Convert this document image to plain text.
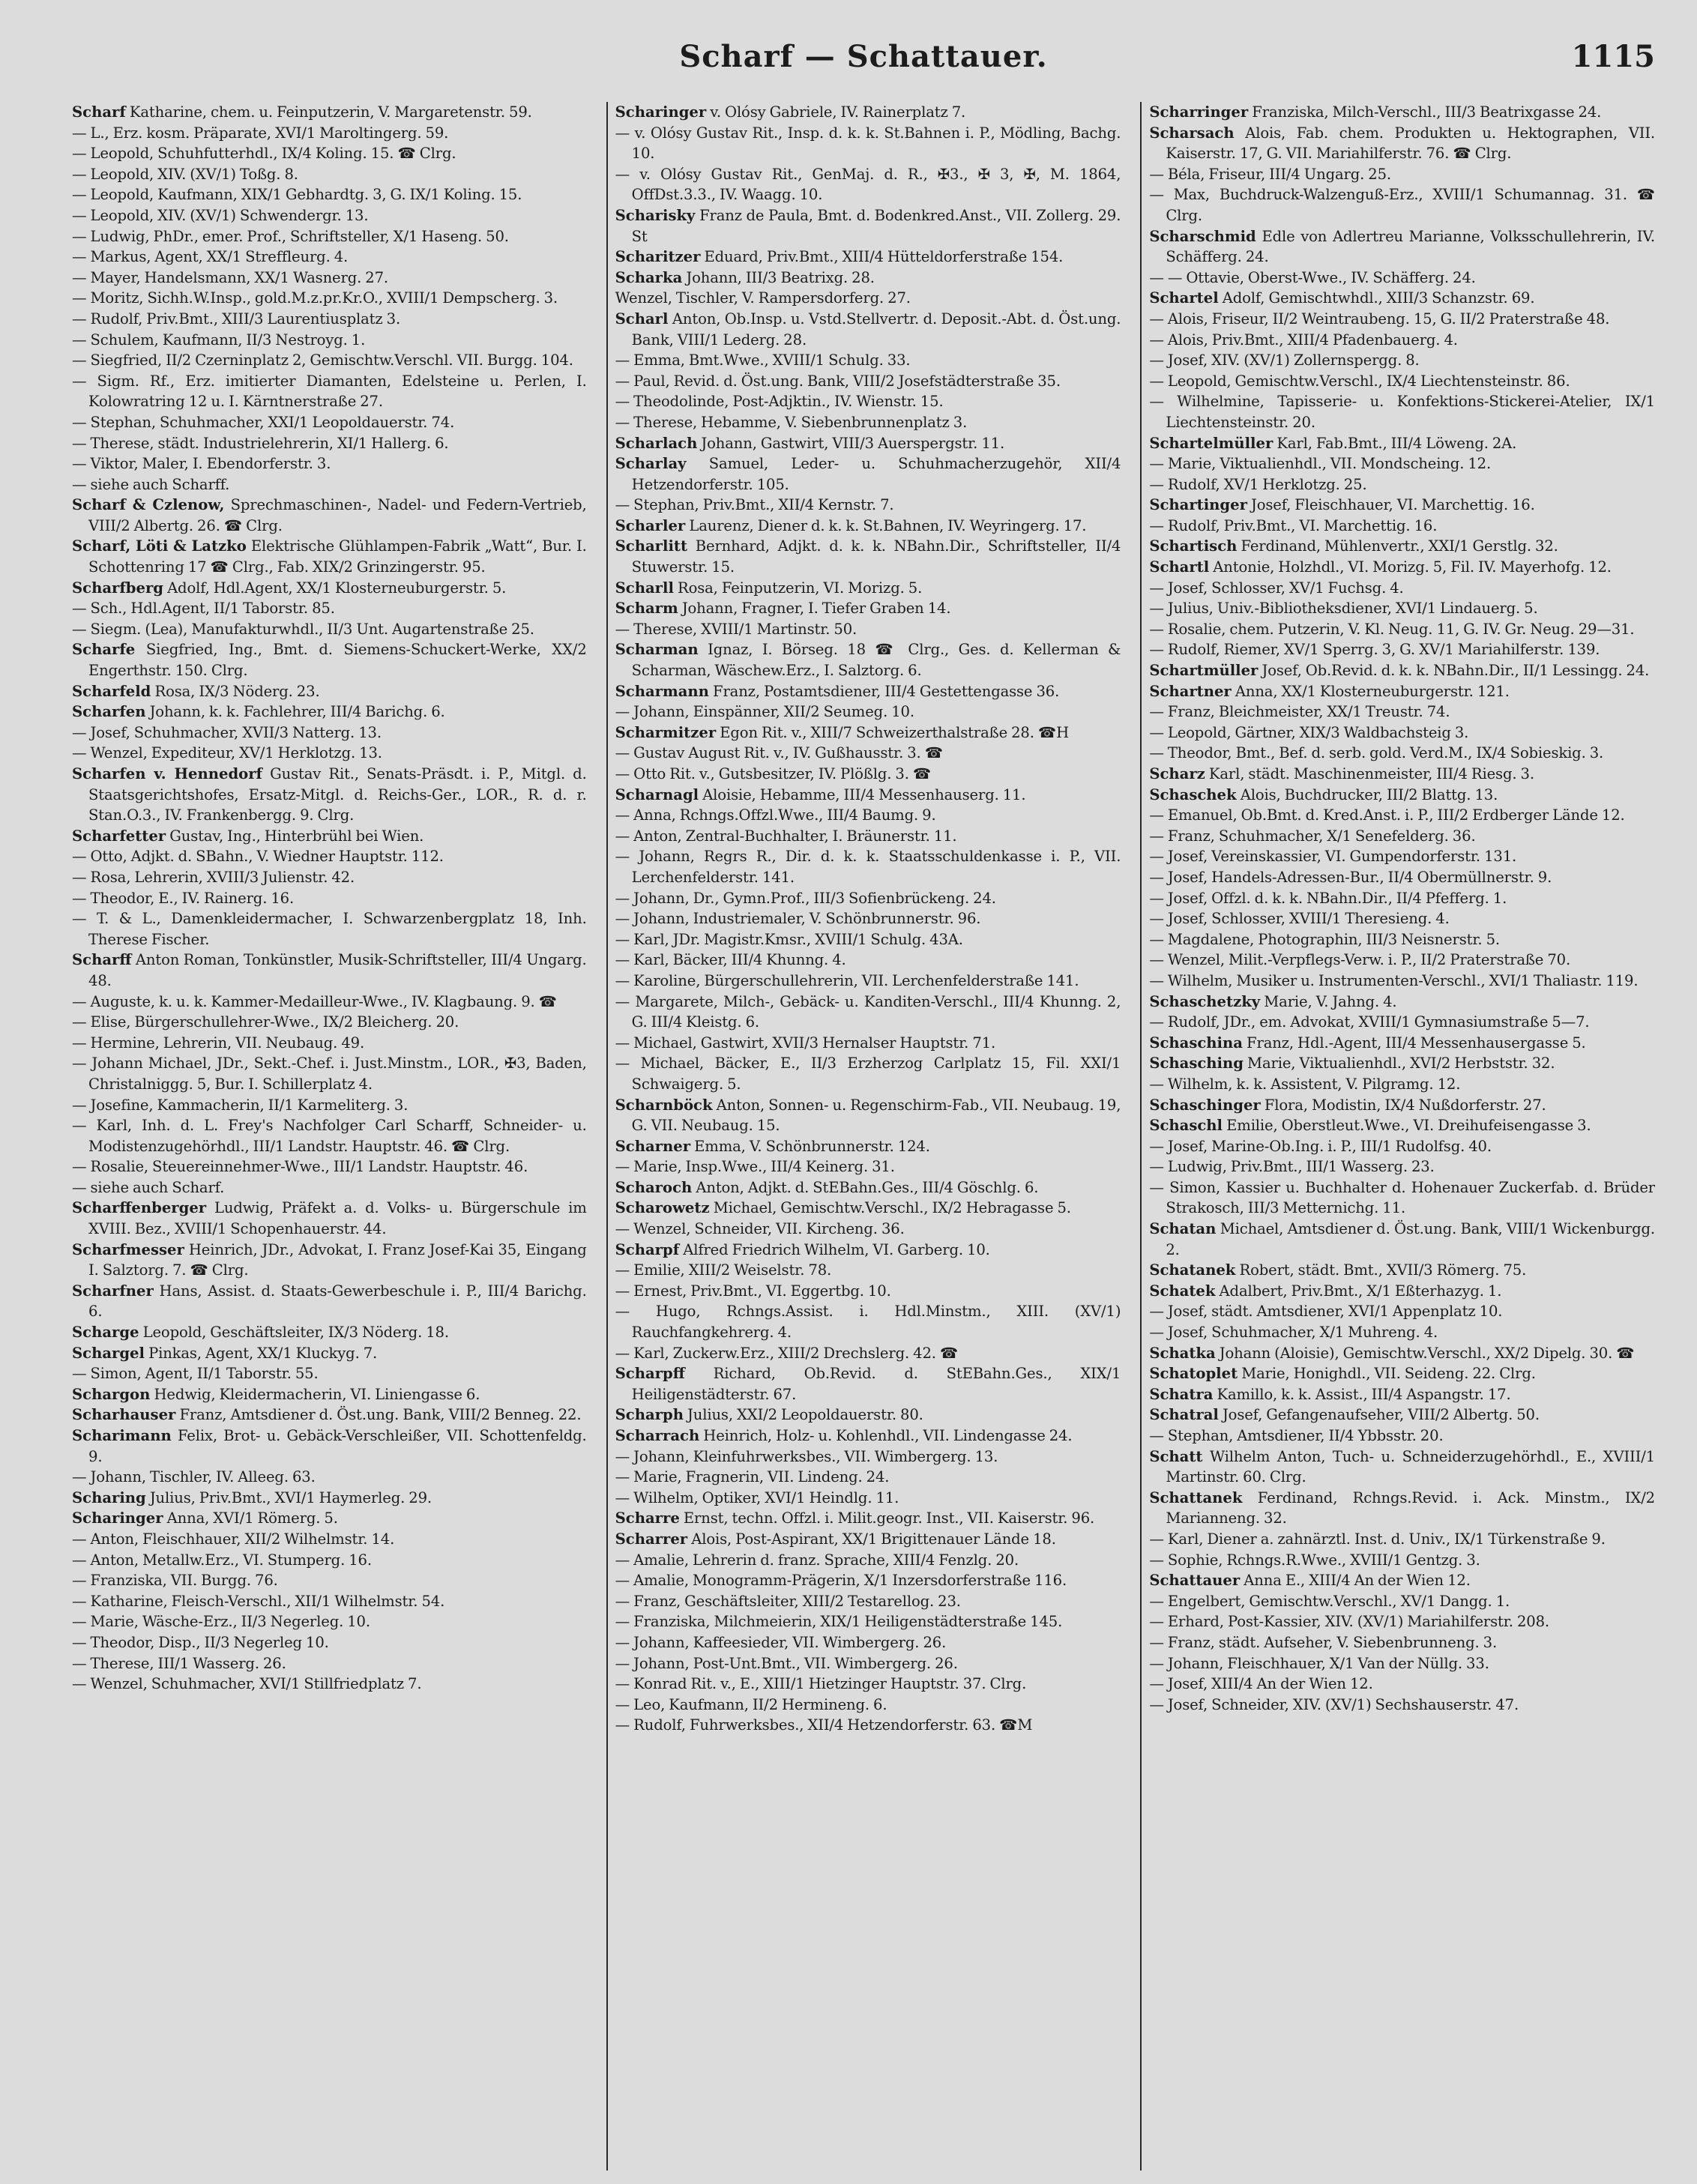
Scharf — Schattauer.	1115

Scharf Katharine, chem. u. Feinputzerin, V. Margaretenstr. 59.

— L., Erz. kosm. Präparate, XVI/1 Maroltingerg. 59.

— Leopold, Schuhfutterhdl., IX/4 Koling. 15. ☎ Clrg.

— Leopold, XIV. (XV/1) Toßg. 8.

— Leopold, Kaufmann, XIX/1 Gebhardtg. 3, G. IX/1 Koling. 15.

— Leopold, XIV. (XV/1) Schwendergr. 13.

— Ludwig, PhDr., emer. Prof., Schriftsteller, X/1 Haseng. 50.

— Markus, Agent, XX/1 Streffleurg. 4.

— Mayer, Handelsmann, XX/1 Wasnerg. 27.

— Moritz, Sichh.W.Insp., gold.M.z.pr.Kr.O., XVIII/1 Dempscherg. 3.

— Rudolf, Priv.Bmt., XIII/3 Laurentiusplatz 3.

— Schulem, Kaufmann, II/3 Nestroyg. 1.

— Siegfried, II/2 Czerninplatz 2, Gemischtw.Verschl. VII. Burgg. 104.

— Sigm. Rf., Erz. imitierter Diamanten, Edelsteine u. Perlen, I. Kolowratring 12 u. I. Kärntnerstraße 27.

— Stephan, Schuhmacher, XXI/1 Leopoldauerstr. 74.

— Therese, städt. Industrielehrerin, XI/1 Hallerg. 6.

— Viktor, Maler, I. Ebendorferstr. 3.

— siehe auch Scharff.

Scharf & Czlenow, Sprechmaschinen-, Nadel- und Federn-Vertrieb, VIII/2 Albertg. 26. ☎ Clrg.

Scharf, Löti & Latzko Elektrische Glühlampen-Fabrik „Watt“, Bur. I. Schottenring 17 ☎ Clrg., Fab. XIX/2 Grinzingerstr. 95.

Scharfberg Adolf, Hdl.Agent, XX/1 Klosterneuburgerstr. 5.

— Sch., Hdl.Agent, II/1 Taborstr. 85.

— Siegm. (Lea), Manufakturwhdl., II/3 Unt. Augartenstraße 25.

Scharfe Siegfried, Ing., Bmt. d. Siemens-Schuckert-Werke, XX/2 Engerthstr. 150. Clrg.

Scharfeld Rosa, IX/3 Nöderg. 23.

Scharfen Johann, k. k. Fachlehrer, III/4 Barichg. 6.

— Josef, Schuhmacher, XVII/3 Natterg. 13.

— Wenzel, Expediteur, XV/1 Herklotzg. 13.

Scharfen v. Hennedorf Gustav Rit., Senats-Präsdt. i. P., Mitgl. d. Staatsgerichtshofes, Ersatz-Mitgl. d. Reichs-Ger., LOR., R. d. r. Stan.O.3., IV. Frankenbergg. 9. Clrg.

Scharfetter Gustav, Ing., Hinterbrühl bei Wien.

— Otto, Adjkt. d. SBahn., V. Wiedner Hauptstr. 112.

— Rosa, Lehrerin, XVIII/3 Julienstr. 42.

— Theodor, E., IV. Rainerg. 16.

— T. & L., Damenkleidermacher, I. Schwarzenbergplatz 18, Inh. Therese Fischer.

Scharff Anton Roman, Tonkünstler, Musik-Schriftsteller, III/4 Ungarg. 48.

— Auguste, k. u. k. Kammer-Medailleur-Wwe., IV. Klagbaung. 9. ☎

— Elise, Bürgerschullehrer-Wwe., IX/2 Bleicherg. 20.

— Hermine, Lehrerin, VII. Neubaug. 49.

— Johann Michael, JDr., Sekt.-Chef. i. Just.Minstm., LOR., ✠3, Baden, Christalniggg. 5, Bur. I. Schillerplatz 4.

— Josefine, Kammacherin, II/1 Karmeliterg. 3.

— Karl, Inh. d. L. Frey's Nachfolger Carl Scharff, Schneider- u. Modistenzugehörhdl., III/1 Landstr. Hauptstr. 46. ☎ Clrg.

— Rosalie, Steuereinnehmer-Wwe., III/1 Landstr. Hauptstr. 46.

— siehe auch Scharf.

Scharffenberger Ludwig, Präfekt a. d. Volks- u. Bürgerschule im XVIII. Bez., XVIII/1 Schopenhauerstr. 44.

Scharfmesser Heinrich, JDr., Advokat, I. Franz Josef-Kai 35, Eingang I. Salztorg. 7. ☎ Clrg.

Scharfner Hans, Assist. d. Staats-Gewerbeschule i. P., III/4 Barichg. 6.

Scharge Leopold, Geschäftsleiter, IX/3 Nöderg. 18.

Schargel Pinkas, Agent, XX/1 Kluckyg. 7.

— Simon, Agent, II/1 Taborstr. 55.

Schargon Hedwig, Kleidermacherin, VI. Liniengasse 6.

Scharhauser Franz, Amtsdiener d. Öst.ung. Bank, VIII/2 Benneg. 22.

Scharimann Felix, Brot- u. Gebäck-Verschleißer, VII. Schottenfeldg. 9.

— Johann, Tischler, IV. Alleeg. 63.

Scharing Julius, Priv.Bmt., XVI/1 Haymerleg. 29.

Scharinger Anna, XVI/1 Römerg. 5.

— Anton, Fleischhauer, XII/2 Wilhelmstr. 14.

— Anton, Metallw.Erz., VI. Stumperg. 16.

— Franziska, VII. Burgg. 76.

— Katharine, Fleisch-Verschl., XII/1 Wilhelmstr. 54.

— Marie, Wäsche-Erz., II/3 Negerleg. 10.

— Theodor, Disp., II/3 Negerleg 10.

— Therese, III/1 Wasserg. 26.

— Wenzel, Schuhmacher, XVI/1 Stillfriedplatz 7.

Scharinger v. Olósy Gabriele, IV. Rainerplatz 7.

— v. Olósy Gustav Rit., Insp. d. k. k. St.Bahnen i. P., Mödling, Bachg. 10.

— v. Olósy Gustav Rit., GenMaj. d. R., ✠3., ✠ 3, ✠, M. 1864, OffDst.3.3., IV. Waagg. 10.

Scharisky Franz de Paula, Bmt. d. Bodenkred.Anst., VII. Zollerg. 29. St

Scharitzer Eduard, Priv.Bmt., XIII/4 Hütteldorferstraße 154.

Scharka Johann, III/3 Beatrixg. 28.

Wenzel, Tischler, V. Rampersdorferg. 27.

Scharl Anton, Ob.Insp. u. Vstd.Stellvertr. d. Deposit.-Abt. d. Öst.ung. Bank, VIII/1 Lederg. 28.

— Emma, Bmt.Wwe., XVIII/1 Schulg. 33.

— Paul, Revid. d. Öst.ung. Bank, VIII/2 Josefstädterstraße 35.

— Theodolinde, Post-Adjktin., IV. Wienstr. 15.

— Therese, Hebamme, V. Siebenbrunnenplatz 3.

Scharlach Johann, Gastwirt, VIII/3 Auerspergstr. 11.

Scharlay Samuel, Leder- u. Schuhmacherzugehör, XII/4 Hetzendorferstr. 105.

— Stephan, Priv.Bmt., XII/4 Kernstr. 7.

Scharler Laurenz, Diener d. k. k. St.Bahnen, IV. Weyringerg. 17.

Scharlitt Bernhard, Adjkt. d. k. k. NBahn.Dir., Schriftsteller, II/4 Stuwerstr. 15.

Scharll Rosa, Feinputzerin, VI. Morizg. 5.

Scharm Johann, Fragner, I. Tiefer Graben 14.

— Therese, XVIII/1 Martinstr. 50.

Scharman Ignaz, I. Börseg. 18 ☎ Clrg., Ges. d. Kellerman & Scharman, Wäschew.Erz., I. Salztorg. 6.

Scharmann Franz, Postamtsdiener, III/4 Gestettengasse 36.

— Johann, Einspänner, XII/2 Seumeg. 10.

Scharmitzer Egon Rit. v., XIII/7 Schweizerthalstraße 28. ☎H

— Gustav August Rit. v., IV. Gußhausstr. 3. ☎

— Otto Rit. v., Gutsbesitzer, IV. Plößlg. 3. ☎

Scharnagl Aloisie, Hebamme, III/4 Messenhauserg. 11.

— Anna, Rchngs.Offzl.Wwe., III/4 Baumg. 9.

— Anton, Zentral-Buchhalter, I. Bräunerstr. 11.

— Johann, Regrs R., Dir. d. k. k. Staatsschuldenkasse i. P., VII. Lerchenfelderstr. 141.

— Johann, Dr., Gymn.Prof., III/3 Sofienbrückeng. 24.

— Johann, Industriemaler, V. Schönbrunnerstr. 96.

— Karl, JDr. Magistr.Kmsr., XVIII/1 Schulg. 43A.

— Karl, Bäcker, III/4 Khunng. 4.

— Karoline, Bürgerschullehrerin, VII. Lerchenfelderstraße 141.

— Margarete, Milch-, Gebäck- u. Kanditen-Verschl., III/4 Khunng. 2, G. III/4 Kleistg. 6.

— Michael, Gastwirt, XVII/3 Hernalser Hauptstr. 71.

— Michael, Bäcker, E., II/3 Erzherzog Carlplatz 15, Fil. XXI/1 Schwaigerg. 5.

Scharnböck Anton, Sonnen- u. Regenschirm-Fab., VII. Neubaug. 19, G. VII. Neubaug. 15.

Scharner Emma, V. Schönbrunnerstr. 124.

— Marie, Insp.Wwe., III/4 Keinerg. 31.

Scharoch Anton, Adjkt. d. StEBahn.Ges., III/4 Göschlg. 6.

Scharowetz Michael, Gemischtw.Verschl., IX/2 Hebragasse 5.

— Wenzel, Schneider, VII. Kircheng. 36.

Scharpf Alfred Friedrich Wilhelm, VI. Garberg. 10.

— Emilie, XIII/2 Weiselstr. 78.

— Ernest, Priv.Bmt., VI. Eggertbg. 10.

— Hugo, Rchngs.Assist. i. Hdl.Minstm., XIII. (XV/1) Rauchfangkehrerg. 4.

— Karl, Zuckerw.Erz., XIII/2 Drechslerg. 42. ☎

Scharpff Richard, Ob.Revid. d. StEBahn.Ges., XIX/1 Heiligenstädterstr. 67.

Scharph Julius, XXI/2 Leopoldauerstr. 80.

Scharrach Heinrich, Holz- u. Kohlenhdl., VII. Lindengasse 24.

— Johann, Kleinfuhrwerksbes., VII. Wimbergerg. 13.

— Marie, Fragnerin, VII. Lindeng. 24.

— Wilhelm, Optiker, XVI/1 Heindlg. 11.

Scharre Ernst, techn. Offzl. i. Milit.geogr. Inst., VII. Kaiserstr. 96.

Scharrer Alois, Post-Aspirant, XX/1 Brigittenauer Lände 18.

— Amalie, Lehrerin d. franz. Sprache, XIII/4 Fenzlg. 20.

— Amalie, Monogramm-Prägerin, X/1 Inzersdorferstraße 116.

— Franz, Geschäftsleiter, XIII/2 Testarellog. 23.

— Franziska, Milchmeierin, XIX/1 Heiligenstädterstraße 145.

— Johann, Kaffeesieder, VII. Wimbergerg. 26.

— Johann, Post-Unt.Bmt., VII. Wimbergerg. 26.

— Konrad Rit. v., E., XIII/1 Hietzinger Hauptstr. 37. Clrg.

— Leo, Kaufmann, II/2 Hermineng. 6.

— Rudolf, Fuhrwerksbes., XII/4 Hetzendorferstr. 63. ☎M

Scharringer Franziska, Milch-Verschl., III/3 Beatrixgasse 24.

Scharsach Alois, Fab. chem. Produkten u. Hektographen, VII. Kaiserstr. 17, G. VII. Mariahilferstr. 76. ☎ Clrg.

— Béla, Friseur, III/4 Ungarg. 25.

— Max, Buchdruck-Walzenguß-Erz., XVIII/1 Schumannag. 31. ☎ Clrg.

Scharschmid Edle von Adlertreu Marianne, Volksschullehrerin, IV. Schäfferg. 24.

— — Ottavie, Oberst-Wwe., IV. Schäfferg. 24.

Schartel Adolf, Gemischtwhdl., XIII/3 Schanzstr. 69.

— Alois, Friseur, II/2 Weintraubeng. 15, G. II/2 Praterstraße 48.

— Alois, Priv.Bmt., XIII/4 Pfadenbauerg. 4.

— Josef, XIV. (XV/1) Zollernspergg. 8.

— Leopold, Gemischtw.Verschl., IX/4 Liechtensteinstr. 86.

— Wilhelmine, Tapisserie- u. Konfektions-Stickerei-Atelier, IX/1 Liechtensteinstr. 20.

Schartelmüller Karl, Fab.Bmt., III/4 Löweng. 2A.

— Marie, Viktualienhdl., VII. Mondscheing. 12.

— Rudolf, XV/1 Herklotzg. 25.

Schartinger Josef, Fleischhauer, VI. Marchettig. 16.

— Rudolf, Priv.Bmt., VI. Marchettig. 16.

Schartisch Ferdinand, Mühlenvertr., XXI/1 Gerstlg. 32.

Schartl Antonie, Holzhdl., VI. Morizg. 5, Fil. IV. Mayerhofg. 12.

— Josef, Schlosser, XV/1 Fuchsg. 4.

— Julius, Univ.-Bibliotheksdiener, XVI/1 Lindauerg. 5.

— Rosalie, chem. Putzerin, V. Kl. Neug. 11, G. IV. Gr. Neug. 29—31.

— Rudolf, Riemer, XV/1 Sperrg. 3, G. XV/1 Mariahilferstr. 139.

Schartmüller Josef, Ob.Revid. d. k. k. NBahn.Dir., II/1 Lessingg. 24.

Schartner Anna, XX/1 Klosterneuburgerstr. 121.

— Franz, Bleichmeister, XX/1 Treustr. 74.

— Leopold, Gärtner, XIX/3 Waldbachsteig 3.

— Theodor, Bmt., Bef. d. serb. gold. Verd.M., IX/4 Sobieskig. 3.

Scharz Karl, städt. Maschinenmeister, III/4 Riesg. 3.

Schaschek Alois, Buchdrucker, III/2 Blattg. 13.

— Emanuel, Ob.Bmt. d. Kred.Anst. i. P., III/2 Erdberger Lände 12.

— Franz, Schuhmacher, X/1 Senefelderg. 36.

— Josef, Vereinskassier, VI. Gumpendorferstr. 131.

— Josef, Handels-Adressen-Bur., II/4 Obermüllnerstr. 9.

— Josef, Offzl. d. k. k. NBahn.Dir., II/4 Pfefferg. 1.

— Josef, Schlosser, XVIII/1 Theresieng. 4.

— Magdalene, Photographin, III/3 Neisnerstr. 5.

— Wenzel, Milit.-Verpflegs-Verw. i. P., II/2 Praterstraße 70.

— Wilhelm, Musiker u. Instrumenten-Verschl., XVI/1 Thaliastr. 119.

Schaschetzky Marie, V. Jahng. 4.

— Rudolf, JDr., em. Advokat, XVIII/1 Gymnasiumstraße 5—7.

Schaschina Franz, Hdl.-Agent, III/4 Messenhausergasse 5.

Schasching Marie, Viktualienhdl., XVI/2 Herbststr. 32.

— Wilhelm, k. k. Assistent, V. Pilgramg. 12.

Schaschinger Flora, Modistin, IX/4 Nußdorferstr. 27.

Schaschl Emilie, Oberstleut.Wwe., VI. Dreihufeisengasse 3.

— Josef, Marine-Ob.Ing. i. P., III/1 Rudolfsg. 40.

— Ludwig, Priv.Bmt., III/1 Wasserg. 23.

— Simon, Kassier u. Buchhalter d. Hohenauer Zuckerfab. d. Brüder Strakosch, III/3 Metternichg. 11.

Schatan Michael, Amtsdiener d. Öst.ung. Bank, VIII/1 Wickenburgg. 2.

Schatanek Robert, städt. Bmt., XVII/3 Römerg. 75.

Schatek Adalbert, Priv.Bmt., X/1 Eßterhazyg. 1.

— Josef, städt. Amtsdiener, XVI/1 Appenplatz 10.

— Josef, Schuhmacher, X/1 Muhreng. 4.

Schatka Johann (Aloisie), Gemischtw.Verschl., XX/2 Dipelg. 30. ☎

Schatoplet Marie, Honighdl., VII. Seideng. 22. Clrg.

Schatra Kamillo, k. k. Assist., III/4 Aspangstr. 17.

Schatral Josef, Gefangenaufseher, VIII/2 Albertg. 50.

— Stephan, Amtsdiener, II/4 Ybbsstr. 20.

Schatt Wilhelm Anton, Tuch- u. Schneiderzugehörhdl., E., XVIII/1 Martinstr. 60. Clrg.

Schattanek Ferdinand, Rchngs.Revid. i. Ack. Minstm., IX/2 Marianneng. 32.

— Karl, Diener a. zahnärztl. Inst. d. Univ., IX/1 Türkenstraße 9.

— Sophie, Rchngs.R.Wwe., XVIII/1 Gentzg. 3.

Schattauer Anna E., XIII/4 An der Wien 12.

— Engelbert, Gemischtw.Verschl., XV/1 Dangg. 1.

— Erhard, Post-Kassier, XIV. (XV/1) Mariahilferstr. 208.

— Franz, städt. Aufseher, V. Siebenbrunneng. 3.

— Johann, Fleischhauer, X/1 Van der Nüllg. 33.

— Josef, XIII/4 An der Wien 12.

— Josef, Schneider, XIV. (XV/1) Sechshauserstr. 47.
